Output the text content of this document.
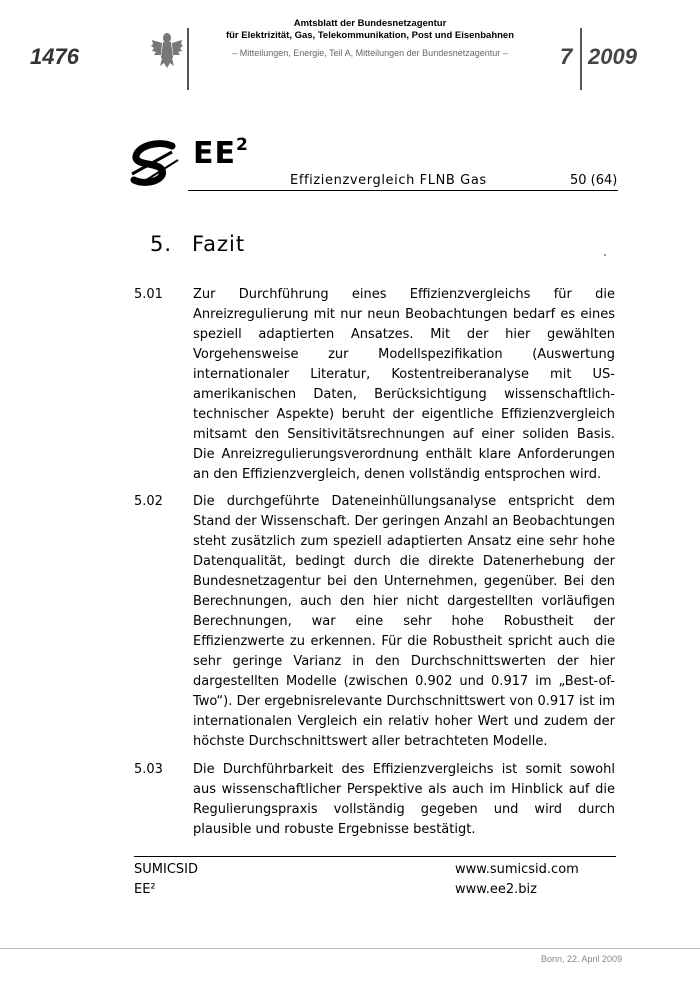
1476
Amtsblatt der Bundesnetzagentur
für Elektrizität, Gas, Telekommunikation, Post und Eisenbahnen
– Mitteilungen, Energie, Teil A, Mitteilungen der Bundesnetzagentur –	7 2009
$EE^2$
Effizienzvergleich FLNB Gas	50 (64)
5. Fazit
5.01 Zur Durchführung eines Effizienzvergleichs für die Anreizregulierung mit nur neun Beobachtungen bedarf es eines speziell adaptierten Ansatzes. Mit der hier gewählten Vorgehensweise zur Modellspezifikation (Auswertung internationaler Literatur, Kostentreiberanalyse mit US-amerikanischen Daten, Berücksichtigung wissenschaftlich-technischer Aspekte) beruht der eigentliche Effizienzvergleich mitsamt den Sensitivitätsrechnungen auf einer soliden Basis. Die Anreizregulierungsverordnung enthält klare Anforderungen an den Effizienzvergleich, denen vollständig entsprochen wird.
5.02 Die durchgeführte Dateneinhüllungsanalyse entspricht dem Stand der Wissenschaft. Der geringen Anzahl an Beobachtungen steht zusätzlich zum speziell adaptierten Ansatz eine sehr hohe Datenqualität, bedingt durch die direkte Datenerhebung der Bundesnetzagentur bei den Unternehmen, gegenüber. Bei den Berechnungen, auch den hier nicht dargestellten vorläufigen Berechnungen, war eine sehr hohe Robustheit der Effizienzwerte zu erkennen. Für die Robustheit spricht auch die sehr geringe Varianz in den Durchschnittswerten der hier dargestellten Modelle (zwischen 0.902 und 0.917 im „Best-of-Two“). Der ergebnisrelevante Durchschnittswert von 0.917 ist im internationalen Vergleich ein relativ hoher Wert und zudem der höchste Durchschnittswert aller betrachteten Modelle.
5.03 Die Durchführbarkeit des Effizienzvergleichs ist somit sowohl aus wissenschaftlicher Perspektive als auch im Hinblick auf die Regulierungspraxis vollständig gegeben und wird durch plausible und robuste Ergebnisse bestätigt.
SUMICSID
EE²
www.sumicsid.com
www.ee2.biz
Bonn, 22. April 2009
